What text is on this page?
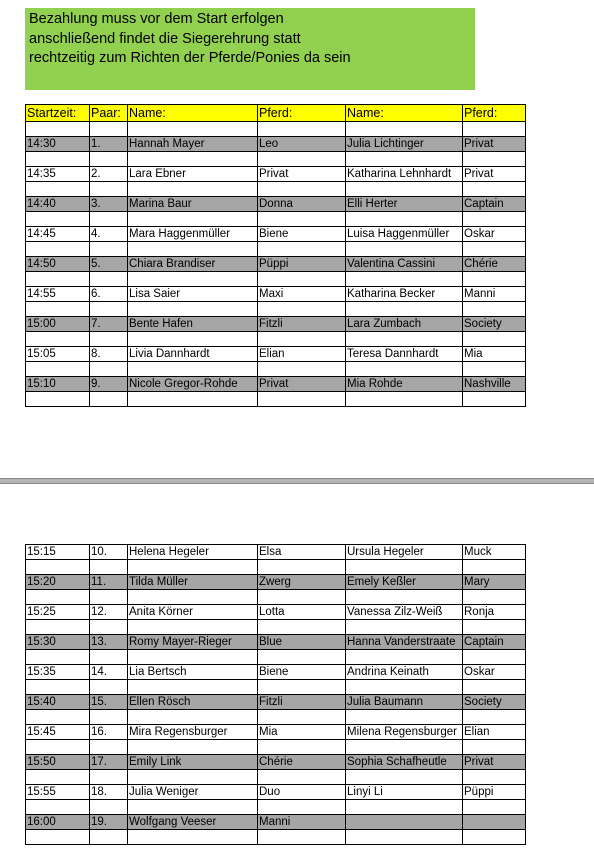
Bezahlung muss vor dem Start erfolgen
anschließend findet die Siegerehrung statt
rechtzeitig zum Richten der Pferde/Ponies da sein
Startzeit:	Paar:	Name:	Pferd:	Name:	Pferd:

14:30	1.	Hannah Mayer	Leo	Julia Lichtinger	Privat

14:35	2.	Lara Ebner	Privat	Katharina Lehnhardt	Privat

14:40	3.	Marina Baur	Donna	Elli Herter	Captain

14:45	4.	Mara Haggenmüller	Biene	Luisa Haggenmüller	Oskar

14:50	5.	Chiara Brandiser	Püppi	Valentina Cassini	Chérie

14:55	6.	Lisa Saier	Maxi	Katharina Becker	Manni

15:00	7.	Bente Hafen	Fitzli	Lara Zumbach	Society

15:05	8.	Livia Dannhardt	Elian	Teresa Dannhardt	Mia

15:10	9.	Nicole Gregor-Rohde	Privat	Mia Rohde	Nashville

15:15	10.	Helena Hegeler	Elsa	Ursula Hegeler	Muck

15:20	11.	Tilda Müller	Zwerg	Emely Keßler	Mary

15:25	12.	Anita Körner	Lotta	Vanessa Zilz-Weiß	Ronja

15:30	13.	Romy Mayer-Rieger	Blue	Hanna Vanderstraate	Captain

15:35	14.	Lia Bertsch	Biene	Andrina Keinath	Oskar

15:40	15.	Ellen Rösch	Fitzli	Julia Baumann	Society

15:45	16.	Mira Regensburger	Mia	Milena Regensburger	Elian

15:50	17.	Emily Link	Chérie	Sophia Schafheutle	Privat

15:55	18.	Julia Weniger	Duo	Linyi Li	Püppi

16:00	19.	Wolfgang Veeser	Manni		
